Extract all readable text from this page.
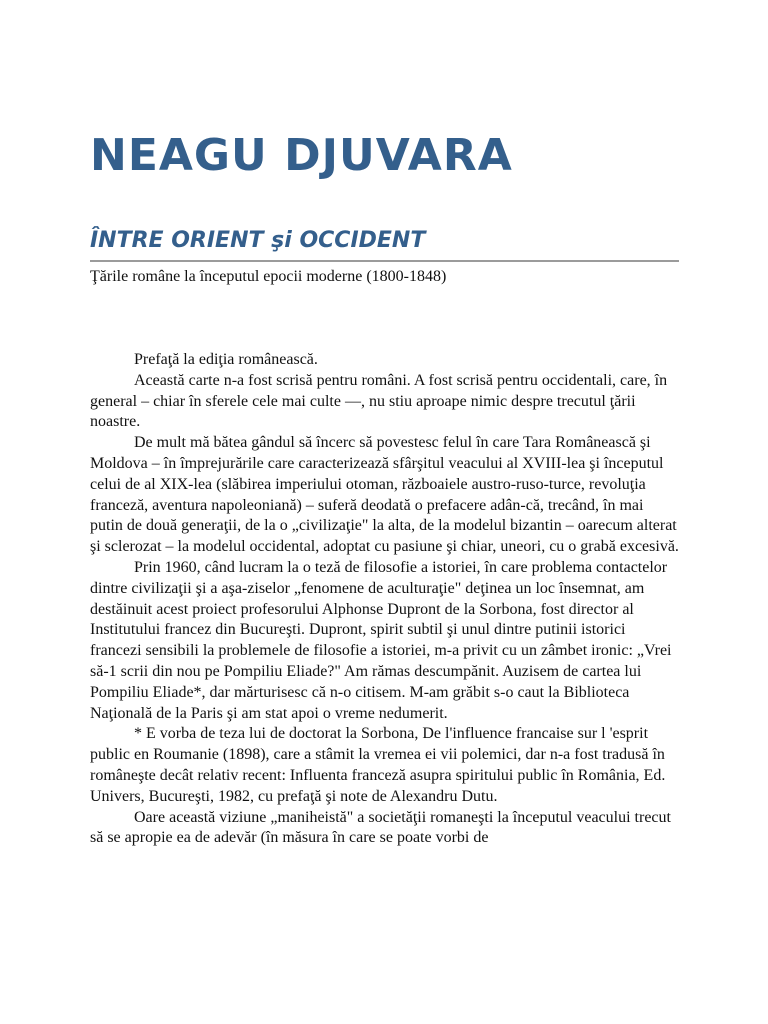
NEAGU DJUVARA
ÎNTRE ORIENT şi OCCIDENT

Ţările române la începutul epocii moderne (1800-1848)

Prefaţă la ediţia românească.

Această carte n-a fost scrisă pentru români. A fost scrisă pentru occidentali, care, în general – chiar în sferele cele mai culte —, nu stiu aproape nimic despre trecutul ţării noastre.

De mult mă bătea gândul să încerc să povestesc felul în care Tara Românească şi Moldova – în împrejurările care caracterizează sfârşitul veacului al XVIII-lea şi începutul celui de al XIX-lea (slăbirea imperiului otoman, războaiele austro-ruso-turce, revoluţia franceză, aventura napoleoniană) – suferă deodată o prefacere adân-că, trecând, în mai putin de două generaţii, de la o „civilizaţie" la alta, de la modelul bizantin – oarecum alterat şi sclerozat – la modelul occidental, adoptat cu pasiune şi chiar, uneori, cu o grabă excesivă.

Prin 1960, când lucram la o teză de filosofie a istoriei, în care problema contactelor dintre civilizaţii şi a aşa-ziselor „fenomene de aculturaţie" deţinea un loc însemnat, am destăinuit acest proiect profesorului Alphonse Dupront de la Sorbona, fost director al Institutului francez din Bucureşti. Dupront, spirit subtil şi unul dintre putinii istorici francezi sensibili la problemele de filosofie a istoriei, m-a privit cu un zâmbet ironic: „Vrei să-1 scrii din nou pe Pompiliu Eliade?" Am rămas descumpănit. Auzisem de cartea lui Pompiliu Eliade*, dar mărturisesc că n-o citisem. M-am grăbit s-o caut la Biblioteca Naţională de la Paris şi am stat apoi o vreme nedumerit.

* E vorba de teza lui de doctorat la Sorbona, De l'influence francaise sur l 'esprit public en Roumanie (1898), care a stâmit la vremea ei vii polemici, dar n-a fost tradusă în româneşte decât relativ recent: Influenta franceză asupra spiritului public în România, Ed. Univers, Bucureşti, 1982, cu prefaţă şi note de Alexandru Dutu.

Oare această viziune „maniheistă" a societăţii romaneşti la începutul veacului trecut să se apropie ea de adevăr (în măsura în care se poate vorbi de
